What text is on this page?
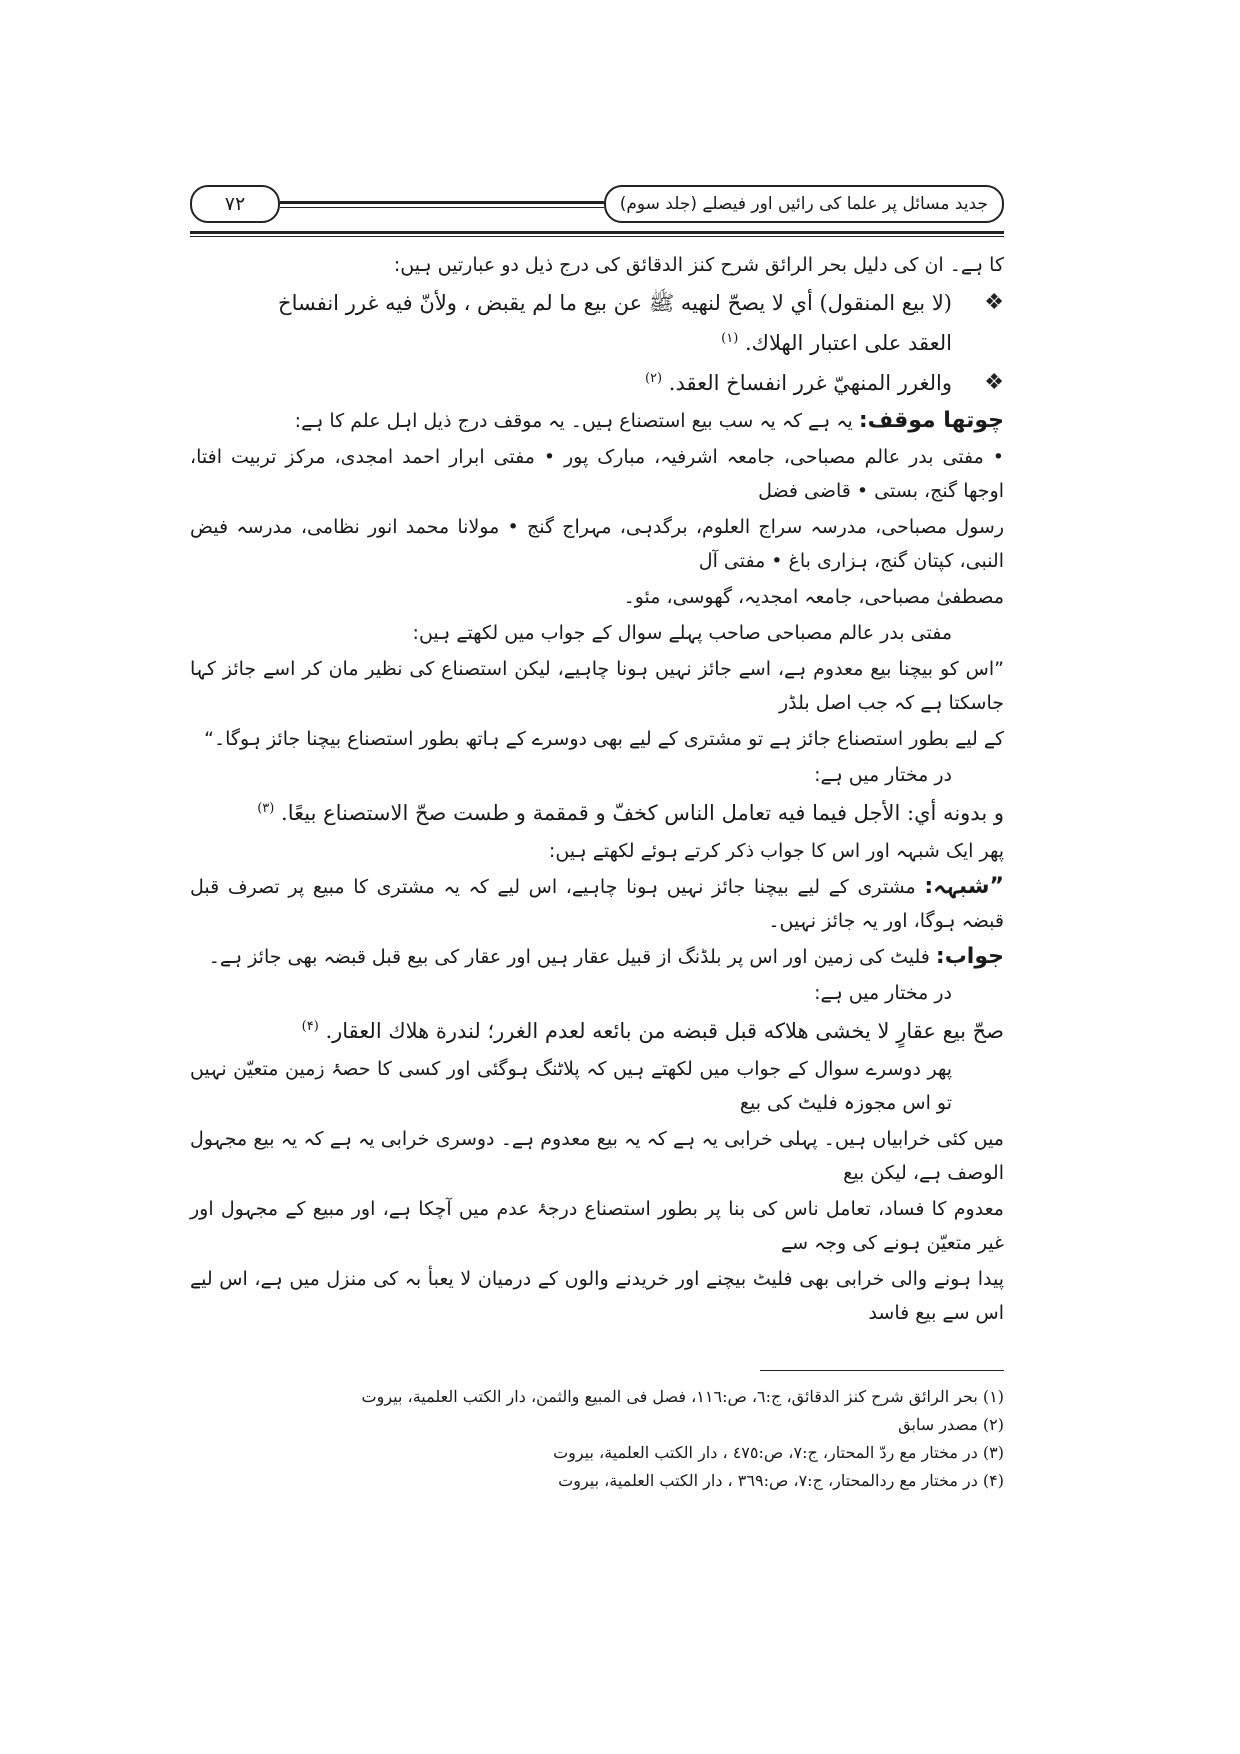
۷۲	جدید مسائل پر علما کی رائیں اور فیصلے (جلد سوم)
کا ہے۔ ان کی دلیل بحر الرائق شرح کنز الدقائق کی درج ذیل دو عبارتیں ہیں:
❖
(لا بيع المنقول) أي لا يصحّ لنهيه ﷺ عن بيع ما لم يقبض ، ولأنّ فيه غرر انفساخ
العقد على اعتبار الهلاك. $^{(۱)}$
❖
والغرر المنهيّ غرر انفساخ العقد. $^{(۲)}$
چوتھا موقف: یہ ہے کہ یہ سب بیع استصناع ہیں۔ یہ موقف درج ذیل اہل علم کا ہے:
• مفتی بدر عالم مصباحی، جامعہ اشرفیہ، مبارک پور • مفتی ابرار احمد امجدی، مرکز تربیت افتا، اوجھا گنج، بستی • قاضی فضل
رسول مصباحی، مدرسہ سراج العلوم، برگدہی، مہراج گنج • مولانا محمد انور نظامی، مدرسہ فیض النبی، کپتان گنج، ہزاری باغ • مفتی آل
مصطفیٰ مصباحی، جامعہ امجدیہ، گھوسی، مئو۔
مفتی بدر عالم مصباحی صاحب پہلے سوال کے جواب میں لکھتے ہیں:
”اس کو بیچنا بیع معدوم ہے، اسے جائز نہیں ہونا چاہیے، لیکن استصناع کی نظیر مان کر اسے جائز کہا جاسکتا ہے کہ جب اصل بلڈر
کے لیے بطور استصناع جائز ہے تو مشتری کے لیے بھی دوسرے کے ہاتھ بطور استصناع بیچنا جائز ہوگا۔“
در مختار میں ہے:
و بدونه أي: الأجل فيما فيه تعامل الناس كخفّ و قمقمة و طست صحّ الاستصناع بيعًا. $^{(۳)}$
پھر ایک شبہہ اور اس کا جواب ذکر کرتے ہوئے لکھتے ہیں:
”شبہہ: مشتری کے لیے بیچنا جائز نہیں ہونا چاہیے، اس لیے کہ یہ مشتری کا مبیع پر تصرف قبل قبضہ ہوگا، اور یہ جائز نہیں۔
جواب: فلیٹ کی زمین اور اس پر بلڈنگ از قبیل عقار ہیں اور عقار کی بیع قبل قبضہ بھی جائز ہے۔
در مختار میں ہے:
صحّ بيع عقارٍ لا يخشى هلاكه قبل قبضه من بائعه لعدم الغرر؛ لندرة هلاك العقار. $^{(۴)}$
پھر دوسرے سوال کے جواب میں لکھتے ہیں کہ پلاٹنگ ہوگئی اور کسی کا حصۂ زمین متعیّن نہیں تو اس مجوزہ فلیٹ کی بیع
میں کئی خرابیاں ہیں۔ پہلی خرابی یہ ہے کہ یہ بیع معدوم ہے۔ دوسری خرابی یہ ہے کہ یہ بیع مجہول الوصف ہے، لیکن بیع
معدوم کا فساد، تعامل ناس کی بنا پر بطور استصناع درجۂ عدم میں آچکا ہے، اور مبیع کے مجہول اور غیر متعیّن ہونے کی وجہ سے
پیدا ہونے والی خرابی بھی فلیٹ بیچنے اور خریدنے والوں کے درمیان لا یعبأ بہ کی منزل میں ہے، اس لیے اس سے بیع فاسد
(۱) بحر الرائق شرح كنز الدقائق، ج:٦، ص:١١٦، فصل فی المبيع والثمن، دار الكتب العلمية، بيروت
(۲) مصدر سابق
(۳) در مختار مع ردّ المحتار، ج:٧، ص:٤٧٥ ، دار الكتب العلمية، بيروت
(۴) در مختار مع ردالمحتار، ج:٧، ص:٣٦٩ ، دار الكتب العلمية، بيروت
